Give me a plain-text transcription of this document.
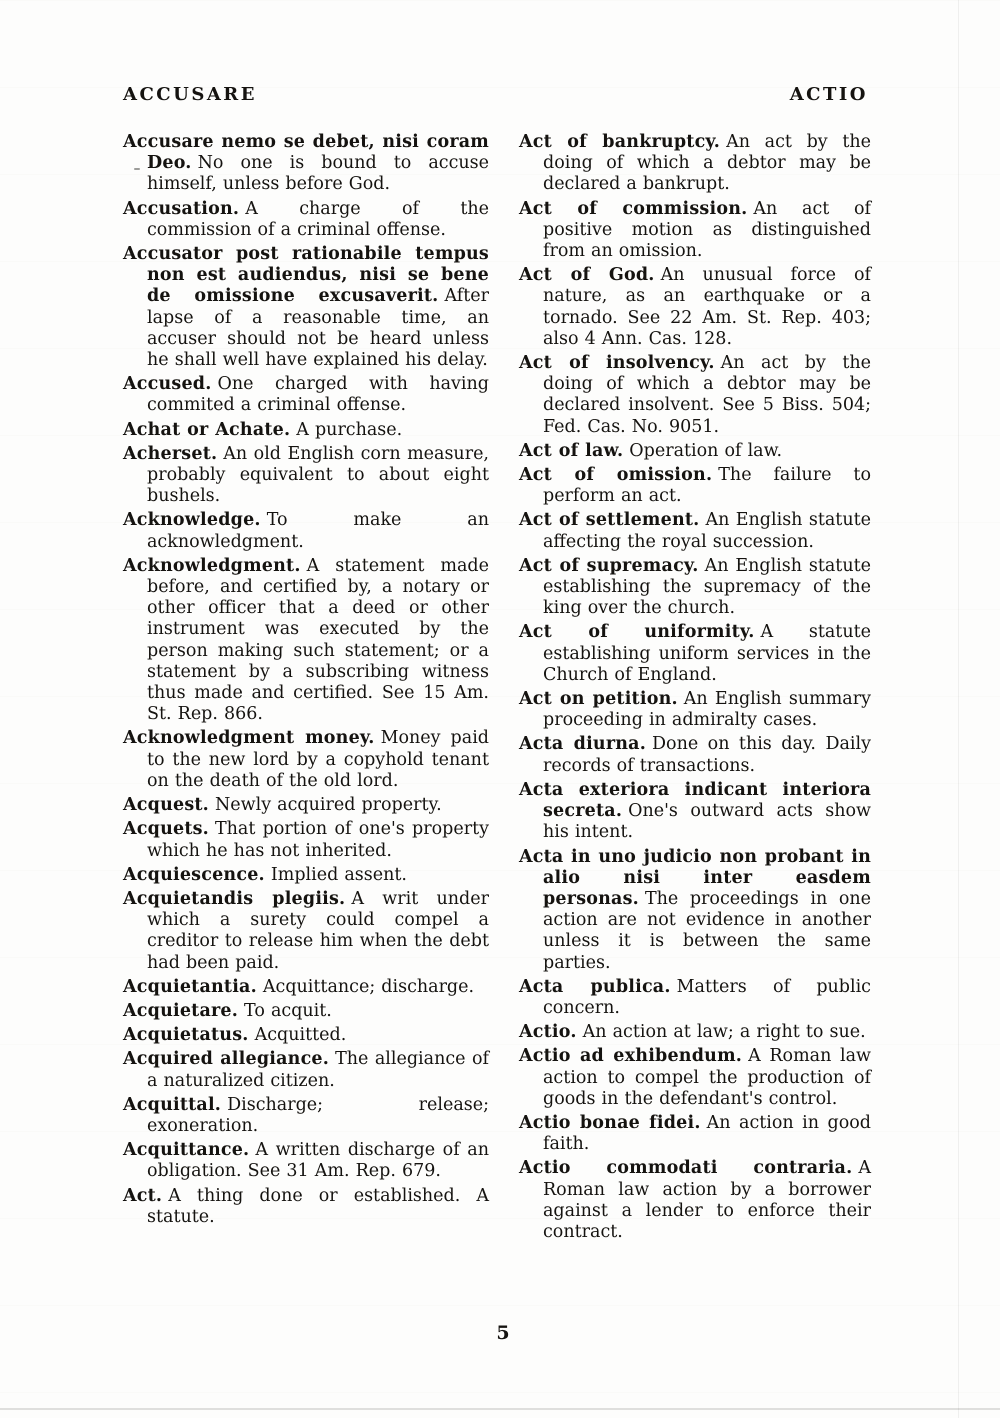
ACCUSARE	ACTIO

Accusare nemo se debet, nisi coram Deo. No one is bound to accuse himself, unless before God.

Accusation. A charge of the commission of a criminal offense.

Accusator post rationabile tempus non est audiendus, nisi se bene de omissione excusaverit. After lapse of a reasonable time, an accuser should not be heard unless he shall well have explained his delay.

Accused. One charged with having commited a criminal offense.

Achat or Achate. A purchase.

Acherset. An old English corn measure, probably equivalent to about eight bushels.

Acknowledge. To make an acknowledgment.

Acknowledgment. A statement made before, and certified by, a notary or other officer that a deed or other instrument was executed by the person making such statement; or a statement by a subscribing witness thus made and certified. See 15 Am. St. Rep. 866.

Acknowledgment money. Money paid to the new lord by a copyhold tenant on the death of the old lord.

Acquest. Newly acquired property.

Acquets. That portion of one's property which he has not inherited.

Acquiescence. Implied assent.

Acquietandis plegiis. A writ under which a surety could compel a creditor to release him when the debt had been paid.

Acquietantia. Acquittance; discharge.

Acquietare. To acquit.

Acquietatus. Acquitted.

Acquired allegiance. The allegiance of a naturalized citizen.

Acquittal. Discharge; release; exoneration.

Acquittance. A written discharge of an obligation. See 31 Am. Rep. 679.

Act. A thing done or established. A statute.

Act of bankruptcy. An act by the doing of which a debtor may be declared a bankrupt.

Act of commission. An act of positive motion as distinguished from an omission.

Act of God. An unusual force of nature, as an earthquake or a tornado. See 22 Am. St. Rep. 403; also 4 Ann. Cas. 128.

Act of insolvency. An act by the doing of which a debtor may be declared insolvent. See 5 Biss. 504; Fed. Cas. No. 9051.

Act of law. Operation of law.

Act of omission. The failure to perform an act.

Act of settlement. An English statute affecting the royal succession.

Act of supremacy. An English statute establishing the supremacy of the king over the church.

Act of uniformity. A statute establishing uniform services in the Church of England.

Act on petition. An English summary proceeding in admiralty cases.

Acta diurna. Done on this day. Daily records of transactions.

Acta exteriora indicant interiora secreta. One's outward acts show his intent.

Acta in uno judicio non probant in alio nisi inter easdem personas. The proceedings in one action are not evidence in another unless it is between the same parties.

Acta publica. Matters of public concern.

Actio. An action at law; a right to sue.

Actio ad exhibendum. A Roman law action to compel the production of goods in the defendant's control.

Actio bonae fidei. An action in good faith.

Actio commodati contraria. A Roman law action by a borrower against a lender to enforce their contract.

5
